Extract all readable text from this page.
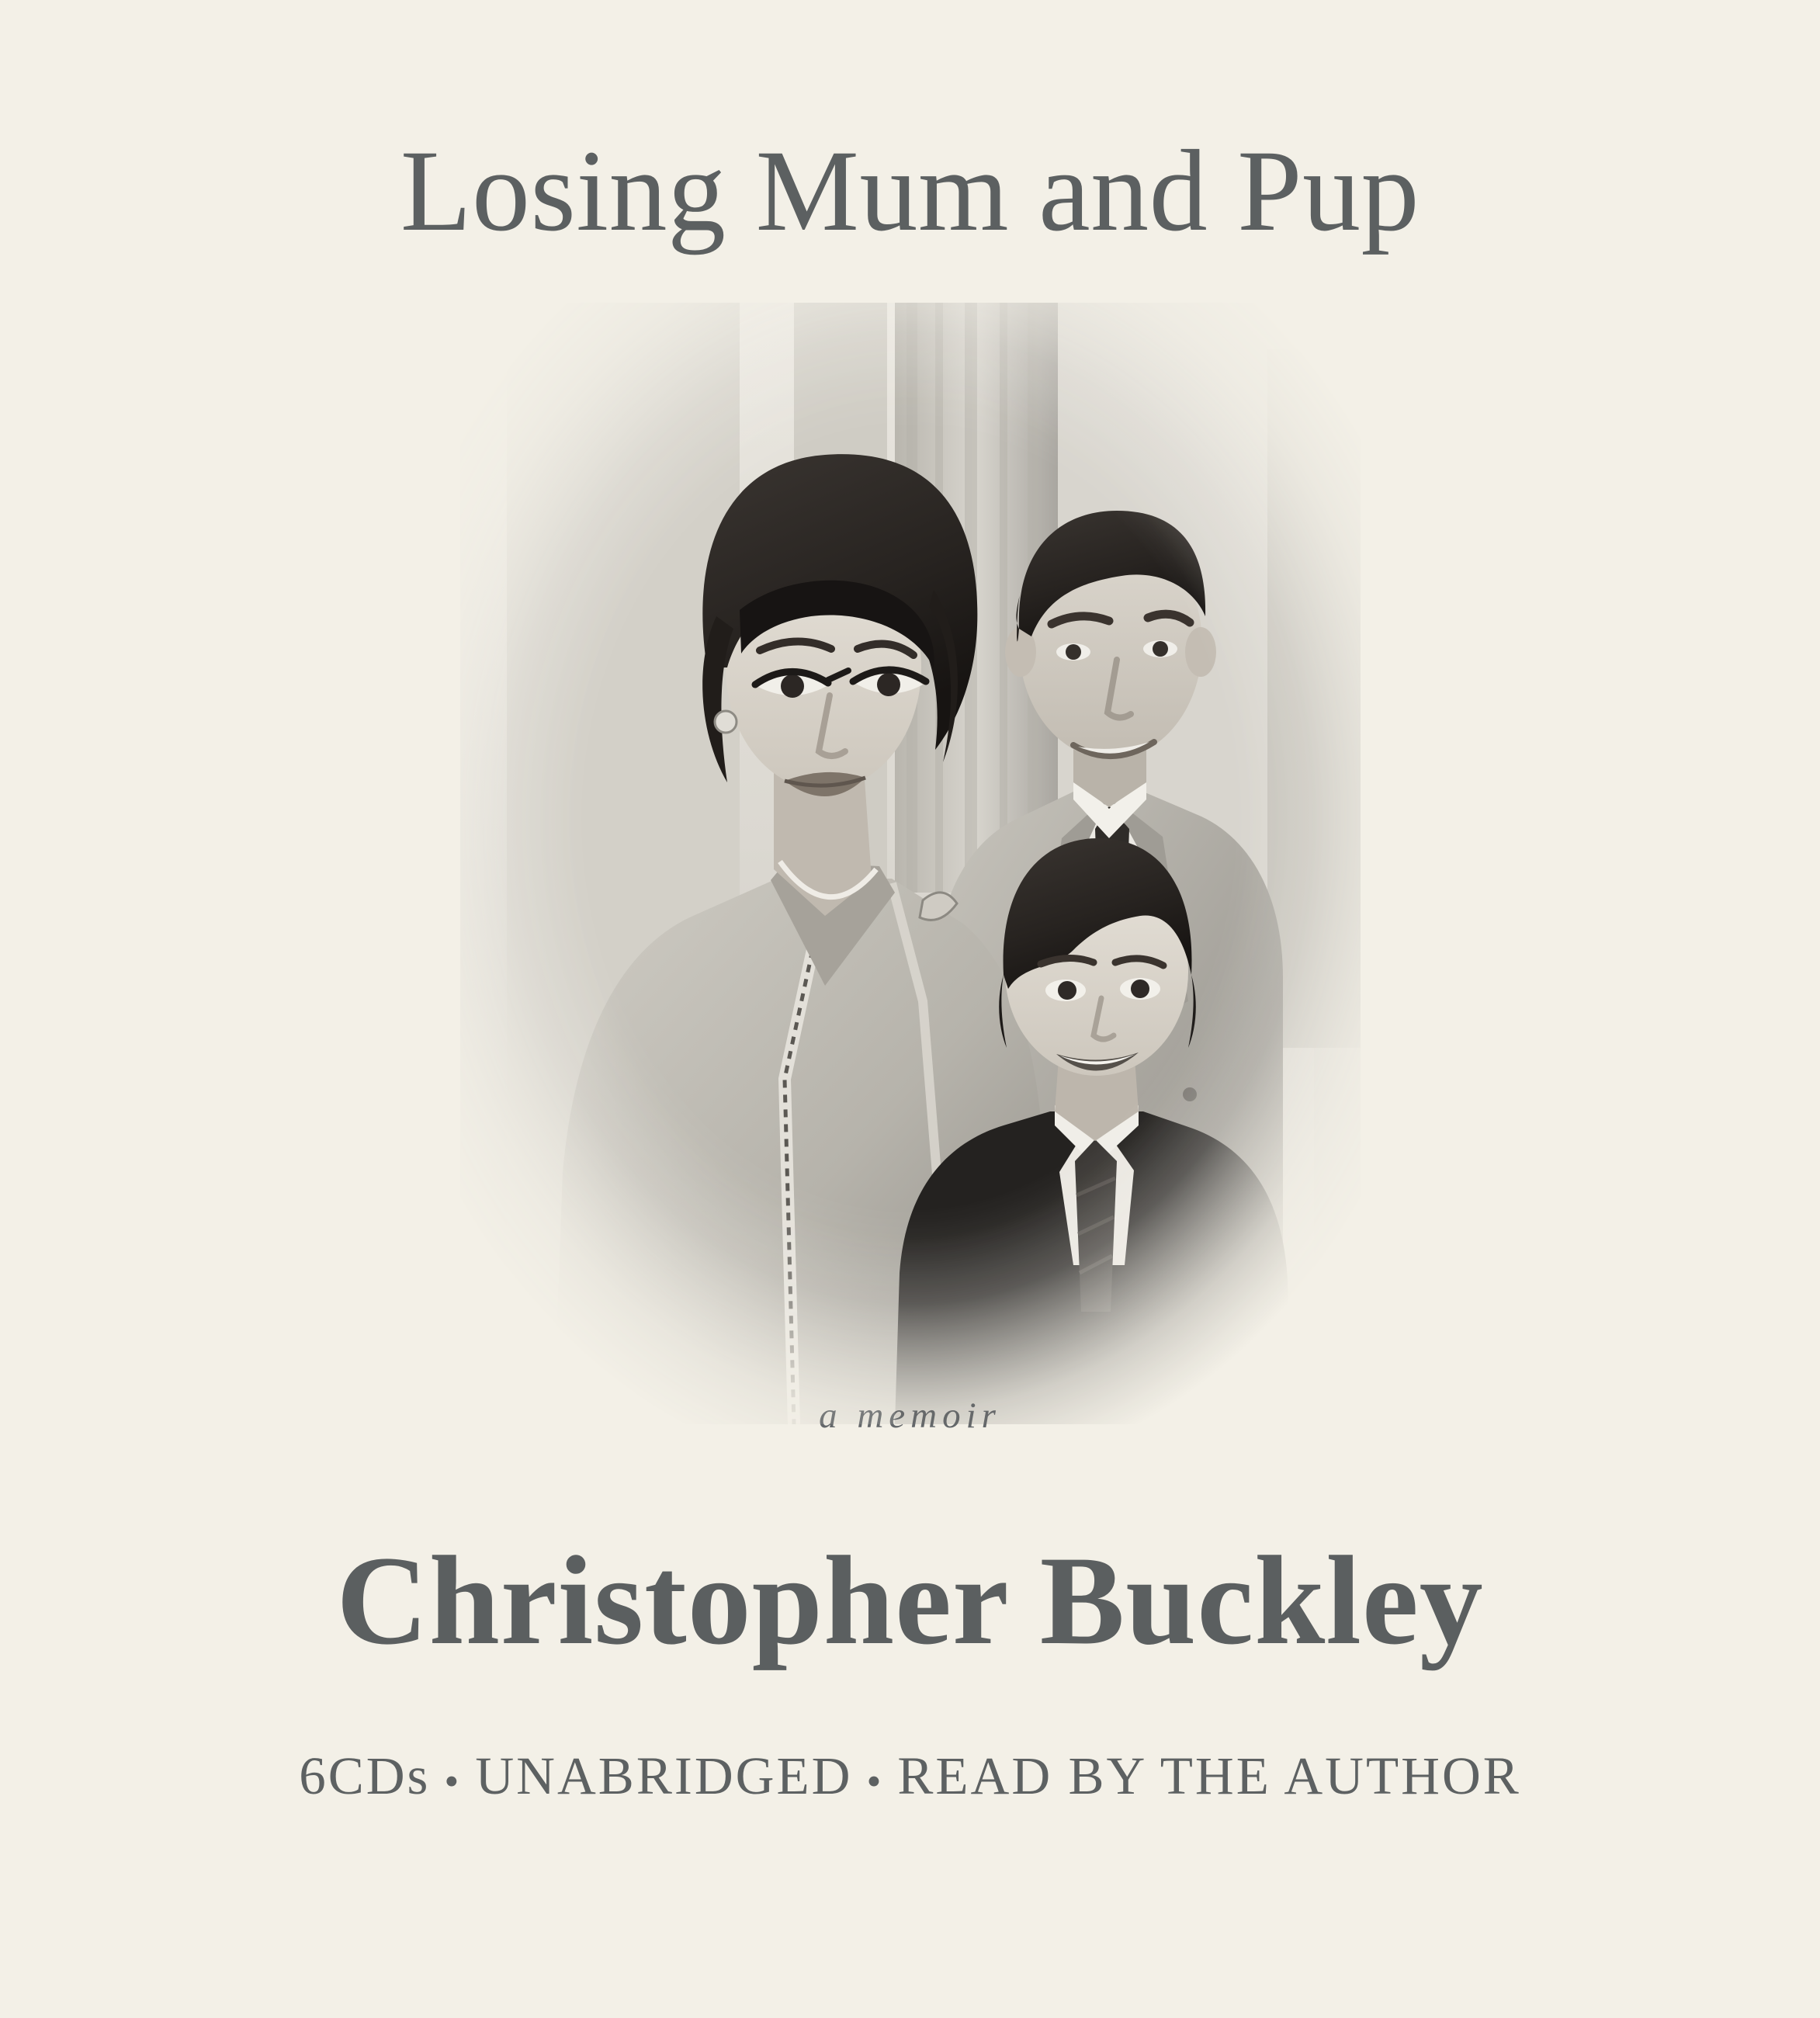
Losing Mum and Pup
Christopher Buckley
6CDs • UNABRIDGED • READ BY THE AUTHOR
